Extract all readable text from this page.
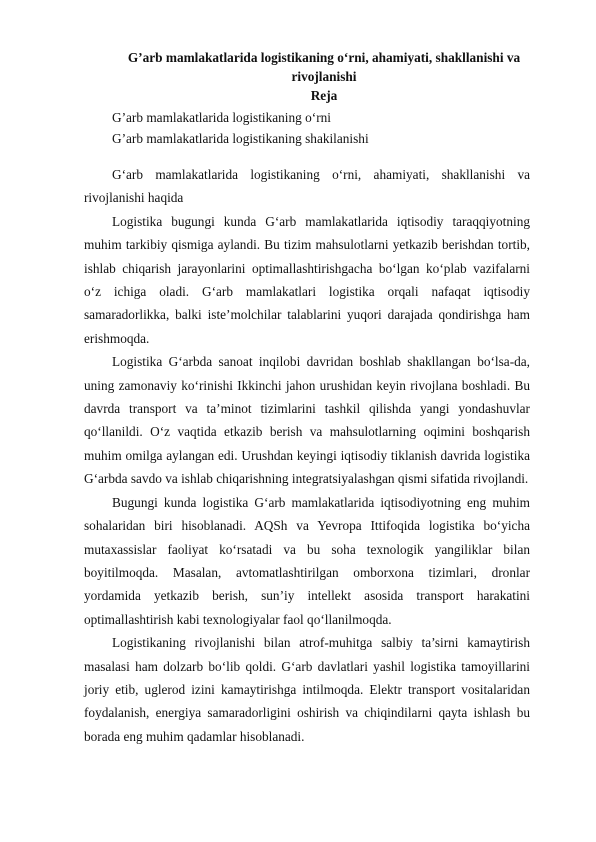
G’arb mamlakatlarida logistikaning o‘rni, ahamiyati, shakllanishi va
rivojlanishi
Reja

G’arb mamlakatlarida logistikaning o‘rni

G’arb mamlakatlarida logistikaning shakilanishi

G‘arb mamlakatlarida logistikaning o‘rni, ahamiyati, shakllanishi va rivojlanishi haqida

Logistika bugungi kunda G‘arb mamlakatlarida iqtisodiy taraqqiyotning muhim tarkibiy qismiga aylandi. Bu tizim mahsulotlarni yetkazib berishdan tortib, ishlab chiqarish jarayonlarini optimallashtirishgacha bo‘lgan ko‘plab vazifalarni o‘z ichiga oladi. G‘arb mamlakatlari logistika orqali nafaqat iqtisodiy samaradorlikka, balki iste’molchilar talablarini yuqori darajada qondirishga ham erishmoqda.

Logistika G‘arbda sanoat inqilobi davridan boshlab shakllangan bo‘lsa-da, uning zamonaviy ko‘rinishi Ikkinchi jahon urushidan keyin rivojlana boshladi. Bu davrda transport va ta’minot tizimlarini tashkil qilishda yangi yondashuvlar qo‘llanildi. O‘z vaqtida etkazib berish va mahsulotlarning oqimini boshqarish muhim omilga aylangan edi. Urushdan keyingi iqtisodiy tiklanish davrida logistika G‘arbda savdo va ishlab chiqarishning integratsiyalashgan qismi sifatida rivojlandi.

Bugungi kunda logistika G‘arb mamlakatlarida iqtisodiyotning eng muhim sohalaridan biri hisoblanadi. AQSh va Yevropa Ittifoqida logistika bo‘yicha mutaxassislar faoliyat ko‘rsatadi va bu soha texnologik yangiliklar bilan boyitilmoqda. Masalan, avtomatlashtirilgan omborxona tizimlari, dronlar yordamida yetkazib berish, sun’iy intellekt asosida transport harakatini optimallashtirish kabi texnologiyalar faol qo‘llanilmoqda.

Logistikaning rivojlanishi bilan atrof-muhitga salbiy ta’sirni kamaytirish masalasi ham dolzarb bo‘lib qoldi. G‘arb davlatlari yashil logistika tamoyillarini joriy etib, uglerod izini kamaytirishga intilmoqda. Elektr transport vositalaridan foydalanish, energiya samaradorligini oshirish va chiqindilarni qayta ishlash bu borada eng muhim qadamlar hisoblanadi.
